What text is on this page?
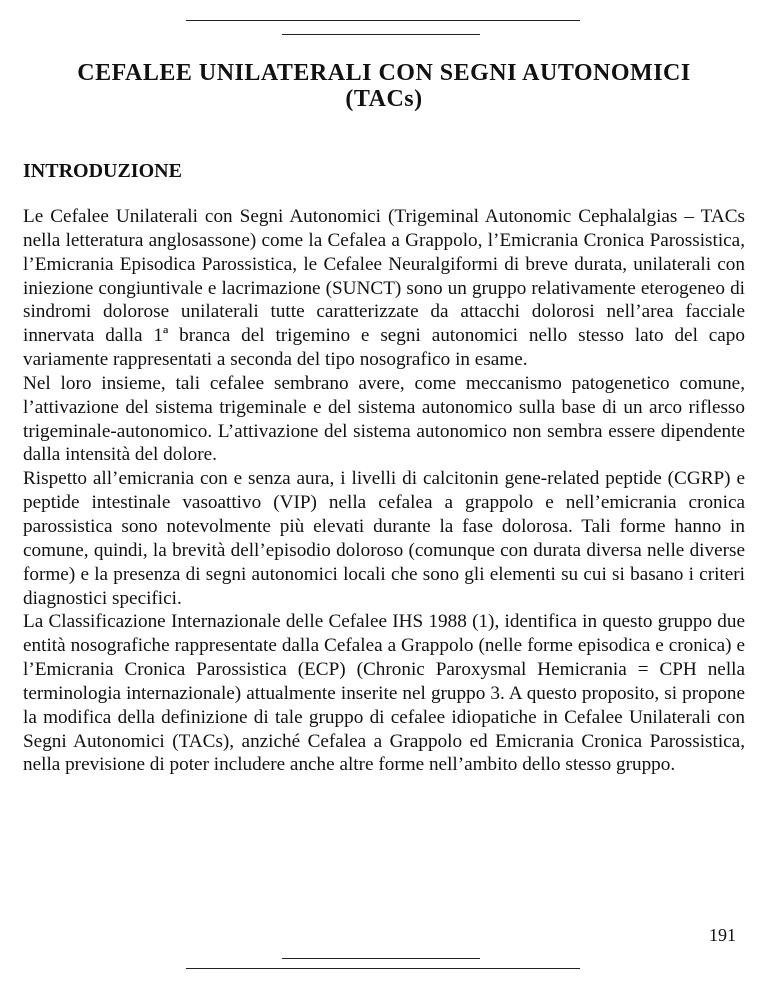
CEFALEE UNILATERALI CON SEGNI AUTONOMICI
(TACs)
INTRODUZIONE

Le Cefalee Unilaterali con Segni Autonomici (Trigeminal Autonomic Cephalalgias – TACs nella letteratura anglosassone) come la Cefalea a Grappolo, l’Emicrania Cronica Parossistica, l’Emicrania Episodica Parossistica, le Cefalee Neuralgiformi di breve durata, unilaterali con iniezione congiuntivale e lacrimazione (SUNCT) sono un gruppo relativamente eterogeneo di sindromi dolorose unilaterali tutte caratterizzate da attacchi dolorosi nell’area facciale innervata dalla 1ª branca del trigemino e segni autonomici nello stesso lato del capo variamente rappresentati a seconda del tipo nosografico in esame.

Nel loro insieme, tali cefalee sembrano avere, come meccanismo patogenetico comune, l’attivazione del sistema trigeminale e del sistema autonomico sulla base di un arco riflesso trigeminale-autonomico. L’attivazione del sistema autonomico non sembra essere dipendente dalla intensità del dolore.

Rispetto all’emicrania con e senza aura, i livelli di calcitonin gene-related peptide (CGRP) e peptide intestinale vasoattivo (VIP) nella cefalea a grappolo e nell’emicrania cronica parossistica sono notevolmente più elevati durante la fase dolorosa. Tali forme hanno in comune, quindi, la brevità dell’episodio doloroso (comunque con durata diversa nelle diverse forme) e la presenza di segni autonomici locali che sono gli elementi su cui si basano i criteri diagnostici specifici.

La Classificazione Internazionale delle Cefalee IHS 1988 (1), identifica in questo gruppo due entità nosografiche rappresentate dalla Cefalea a Grappolo (nelle forme episodica e cronica) e l’Emicrania Cronica Parossistica (ECP) (Chronic Paroxysmal Hemicrania = CPH nella terminologia internazionale) attualmente inserite nel gruppo 3. A questo proposito, si propone la modifica della definizione di tale gruppo di cefalee idiopatiche in Cefalee Unilaterali con Segni Autonomici (TACs), anziché Cefalea a Grappolo ed Emicrania Cronica Parossistica, nella previsione di poter includere anche altre forme nell’ambito dello stesso gruppo.

191
